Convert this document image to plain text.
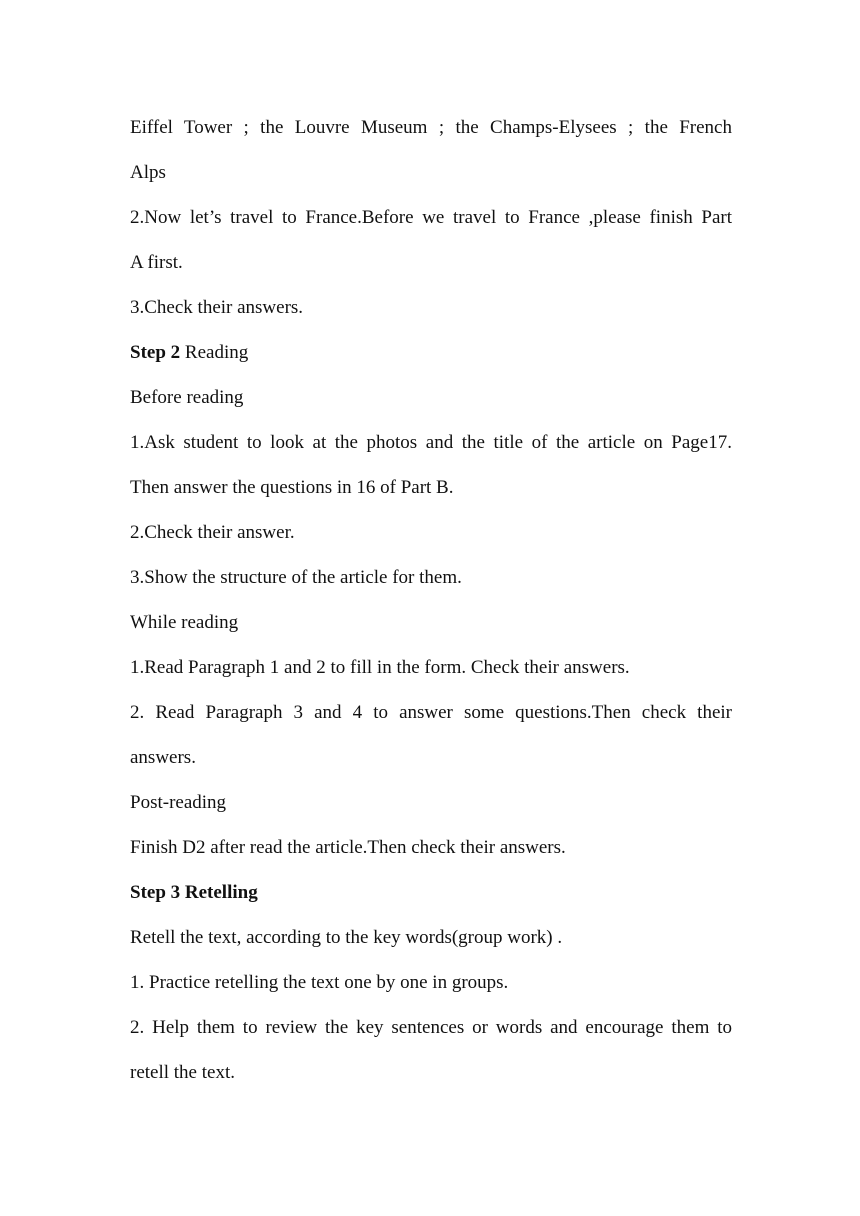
Eiffel Tower ; the Louvre Museum ; the Champs-Elysees ; the French
Alps
2.Now let’s travel to France.Before we travel to France ,please finish Part
A first.
3.Check their answers.
Step 2 Reading
Before reading
1.Ask student to look at the photos and the title of the article on Page17.
Then answer the questions in 16 of Part B.
2.Check their answer.
3.Show the structure of the article for them.
While reading
1.Read Paragraph 1 and 2 to fill in the form. Check their answers.
2. Read Paragraph 3 and 4 to answer some questions.Then check their
answers.
Post-reading
Finish D2 after read the article.Then check their answers.
Step 3 Retelling
Retell the text, according to the key words(group work) .
1. Practice retelling the text one by one in groups.
2. Help them to review the key sentences or words and encourage them to
retell the text.
